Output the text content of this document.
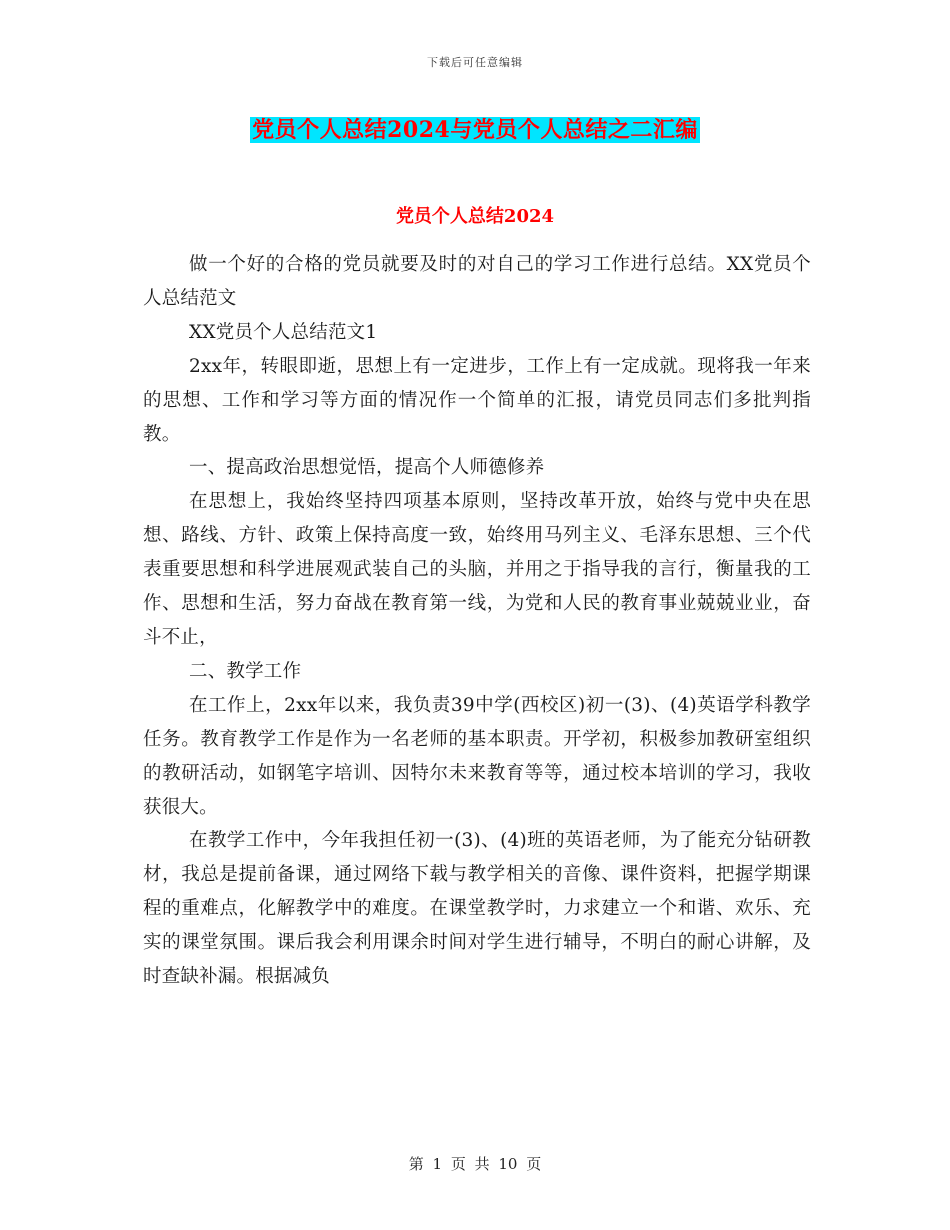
下载后可任意编辑
党员个人总结2024与党员个人总结之二汇编
党员个人总结2024

做一个好的合格的党员就要及时的对自己的学习工作进行总结。XX党员个人总结范文

XX党员个人总结范文1

2xx年，转眼即逝，思想上有一定进步，工作上有一定成就。现将我一年来的思想、工作和学习等方面的情况作一个简单的汇报，请党员同志们多批判指教。

一、提高政治思想觉悟，提高个人师德修养

在思想上，我始终坚持四项基本原则，坚持改革开放，始终与党中央在思想、路线、方针、政策上保持高度一致，始终用马列主义、毛泽东思想、三个代表重要思想和科学进展观武装自己的头脑，并用之于指导我的言行，衡量我的工作、思想和生活，努力奋战在教育第一线，为党和人民的教育事业兢兢业业，奋斗不止，

二、教学工作

在工作上，2xx年以来，我负责39中学(西校区)初一(3)、(4)英语学科教学任务。教育教学工作是作为一名老师的基本职责。开学初，积极参加教研室组织的教研活动，如钢笔字培训、因特尔未来教育等等，通过校本培训的学习，我收获很大。

在教学工作中，今年我担任初一(3)、(4)班的英语老师，为了能充分钻研教材，我总是提前备课，通过网络下载与教学相关的音像、课件资料，把握学期课程的重难点，化解教学中的难度。在课堂教学时，力求建立一个和谐、欢乐、充实的课堂氛围。课后我会利用课余时间对学生进行辅导，不明白的耐心讲解，及时查缺补漏。根据减负

第 1 页 共 10 页
